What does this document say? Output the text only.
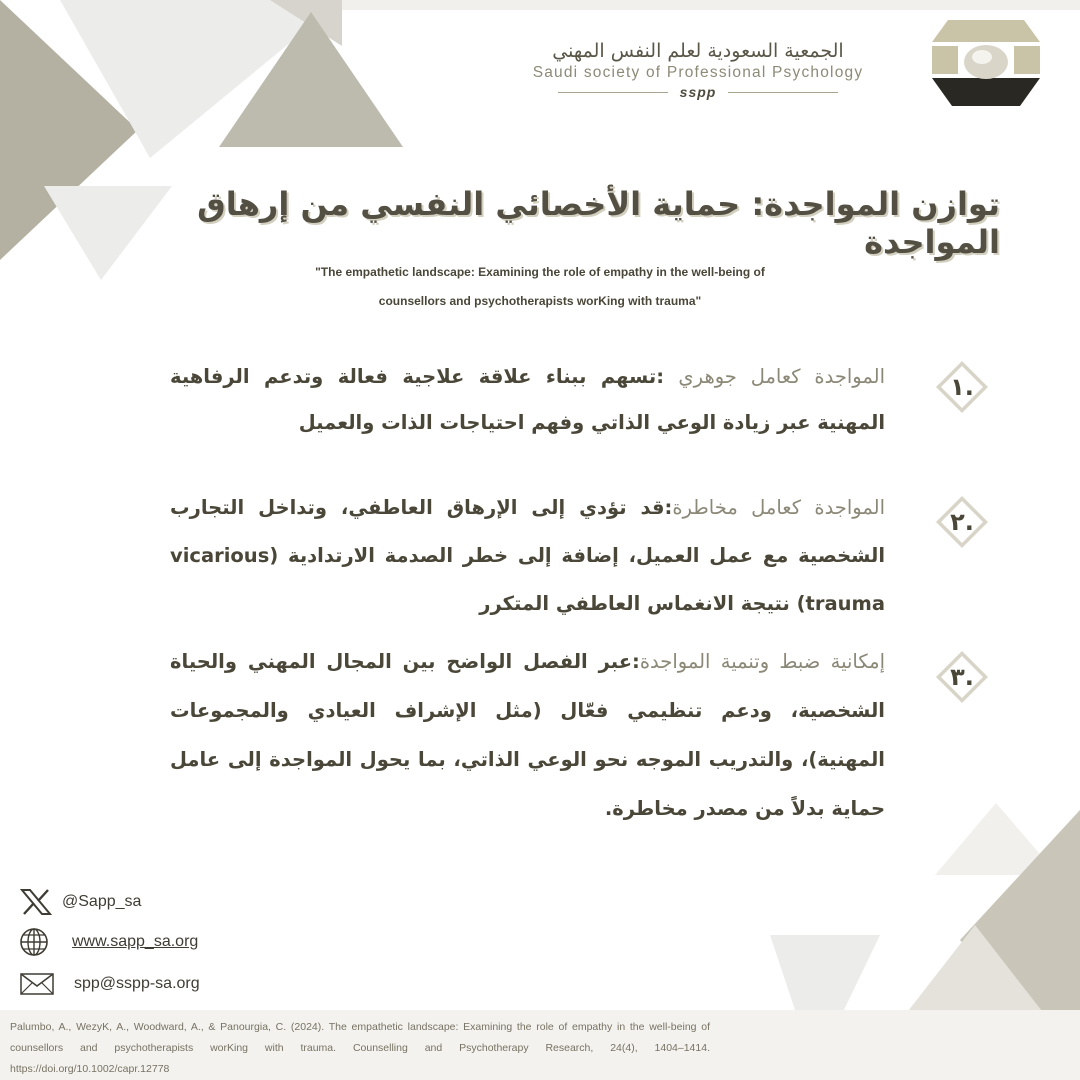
الجمعية السعودية لعلم النفس المهني
Saudi society of Professional Psychology
sspp
توازن المواجدة: حماية الأخصائي النفسي من إرهاق المواجدة
"The empathetic landscape: Examining the role of empathy in the well-being of
counsellors and psychotherapists worKing with trauma"

المواجدة كعامل جوهري :تسهم ببناء علاقة علاجية فعالة وتدعم الرفاهية المهنية عبر زيادة الوعي الذاتي وفهم احتياجات الذات والعميل

.١

المواجدة كعامل مخاطرة:قد تؤدي إلى الإرهاق العاطفي، وتداخل التجارب الشخصية مع عمل العميل، إضافة إلى خطر الصدمة الارتدادية (vicarious trauma) نتيجة الانغماس العاطفي المتكرر

.٢

إمكانية ضبط وتنمية المواجدة:عبر الفصل الواضح بين المجال المهني والحياة الشخصية، ودعم تنظيمي فعّال (مثل الإشراف العيادي والمجموعات المهنية)، والتدريب الموجه نحو الوعي الذاتي، بما يحول المواجدة إلى عامل حماية بدلاً من مصدر مخاطرة.

.٣
@Sapp_sa
www.sapp_sa.org
spp@sspp-sa.org
Palumbo, A., WezyK, A., Woodward, A., & Panourgia, C. (2024). The empathetic landscape: Examining the role of empathy in the well-being of counsellors and psychotherapists worKing with trauma. Counselling and Psychotherapy Research, 24(4), 1404–1414. https://doi.org/10.1002/capr.12778
